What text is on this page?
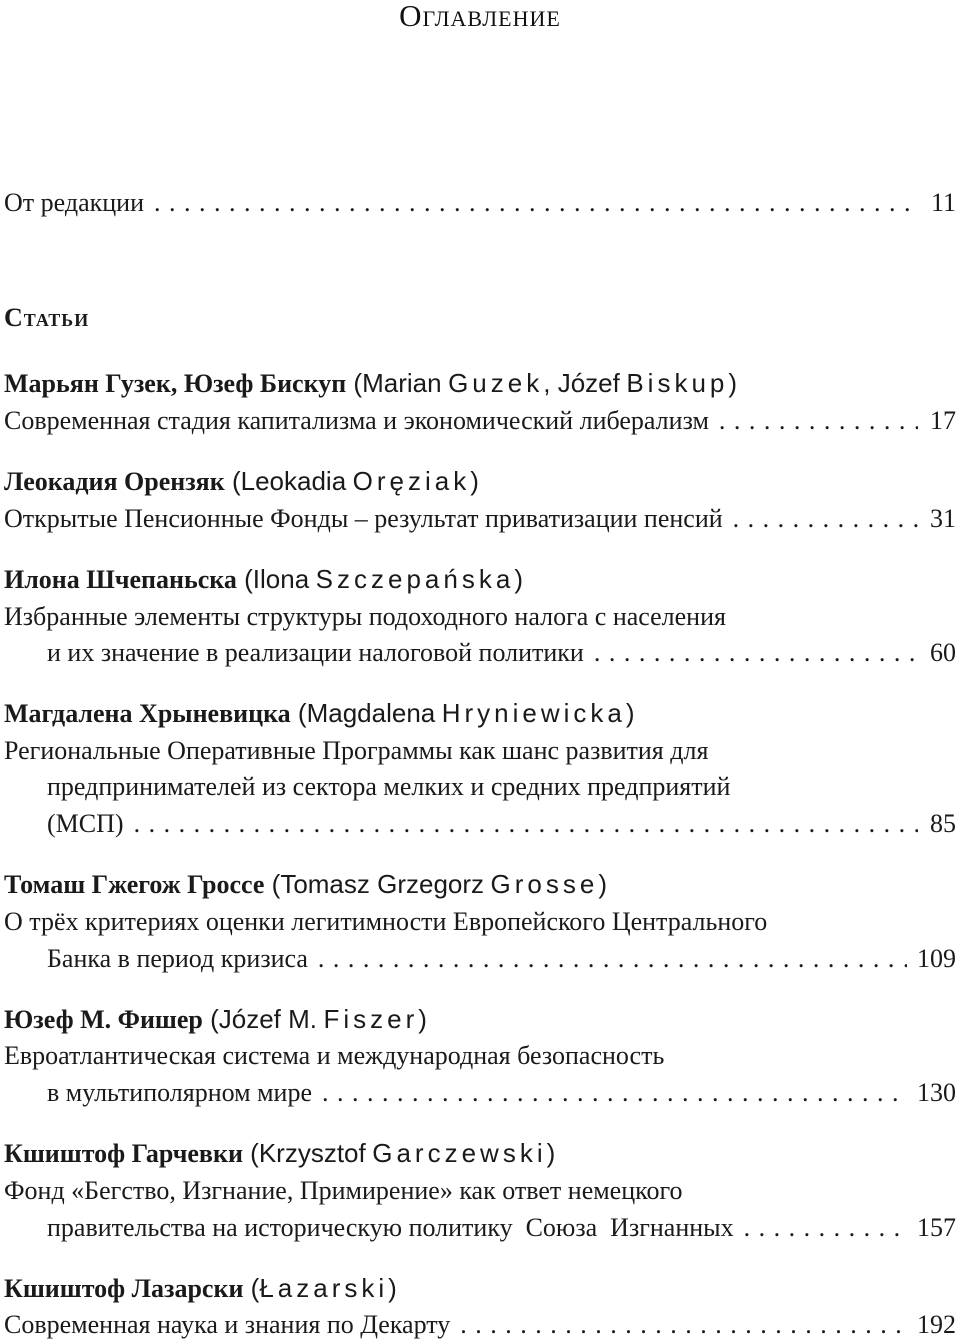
Оглавление
От редакции . . .	11
Статьи
Марьян Гузек, Юзеф Бискуп (Marian Guzek, Józef Biskup)
Современная стадия капитализма и экономический либерализм . . .	17
Леокадия Орензяк (Leokadia Oręziak)
Открытые Пенсионные Фонды – результат приватизации пенсий . . .	31
Илона Шчепаньска (Ilona Szczepańska)
Избранные элементы структуры подоходного налога с населения
и их значение в реализации налоговой политики . . .	60
Магдалена Хрыневицка (Magdalena Hryniewicka)
Региональные Оперативные Программы как шанс развития для
предпринимателей из сектора мелких и средних предприятий
(МСП) . . .	85
Томаш Гжегож Гроссе (Tomasz Grzegorz Grosse)
О трёх критериях оценки легитимности Европейского Центрального
Банка в период кризиса . . .	109
Юзеф М. Фишер (Józef M. Fiszer)
Евроатлантическая система и международная безопасность
в мультиполярном мире . . .	130
Кшиштоф Гарчевки (Krzysztof Garczewski)
Фонд «Бегство, Изгнание, Примирение» как ответ немецкого
правительства на историческую политику  Союза  Изгнанных . . .	157
Кшиштоф Лазарски (Łazarski)
Современная наука и знания по Декарту . . .	192
